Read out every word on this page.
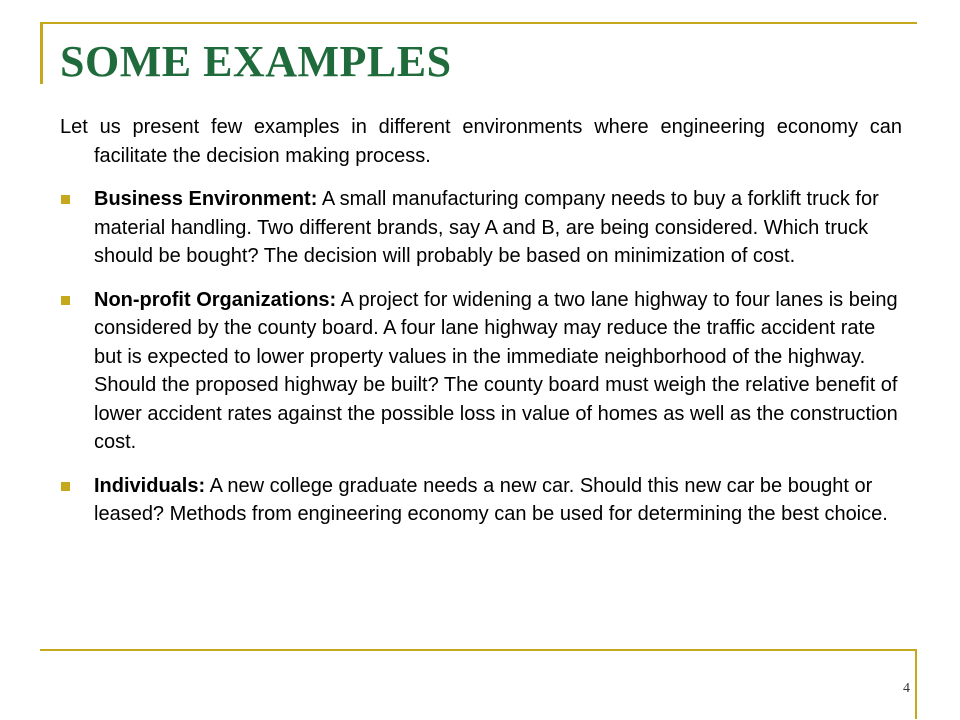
SOME EXAMPLES

Let us present few examples in different environments where engineering economy can facilitate the decision making process.

Business Environment: A small manufacturing company needs to buy a forklift truck for material handling. Two different brands, say A and B, are being considered. Which truck should be bought? The decision will probably be based on minimization of cost.
Non-profit Organizations: A project for widening a two lane highway to four lanes is being considered by the county board. A four lane highway may reduce the traffic accident rate but is expected to lower property values in the immediate neighborhood of the highway. Should the proposed highway be built? The county board must weigh the relative benefit of lower accident rates against the possible loss in value of homes as well as the construction cost.
Individuals: A new college graduate needs a new car. Should this new car be bought or leased? Methods from engineering economy can be used for determining the best choice.
4
